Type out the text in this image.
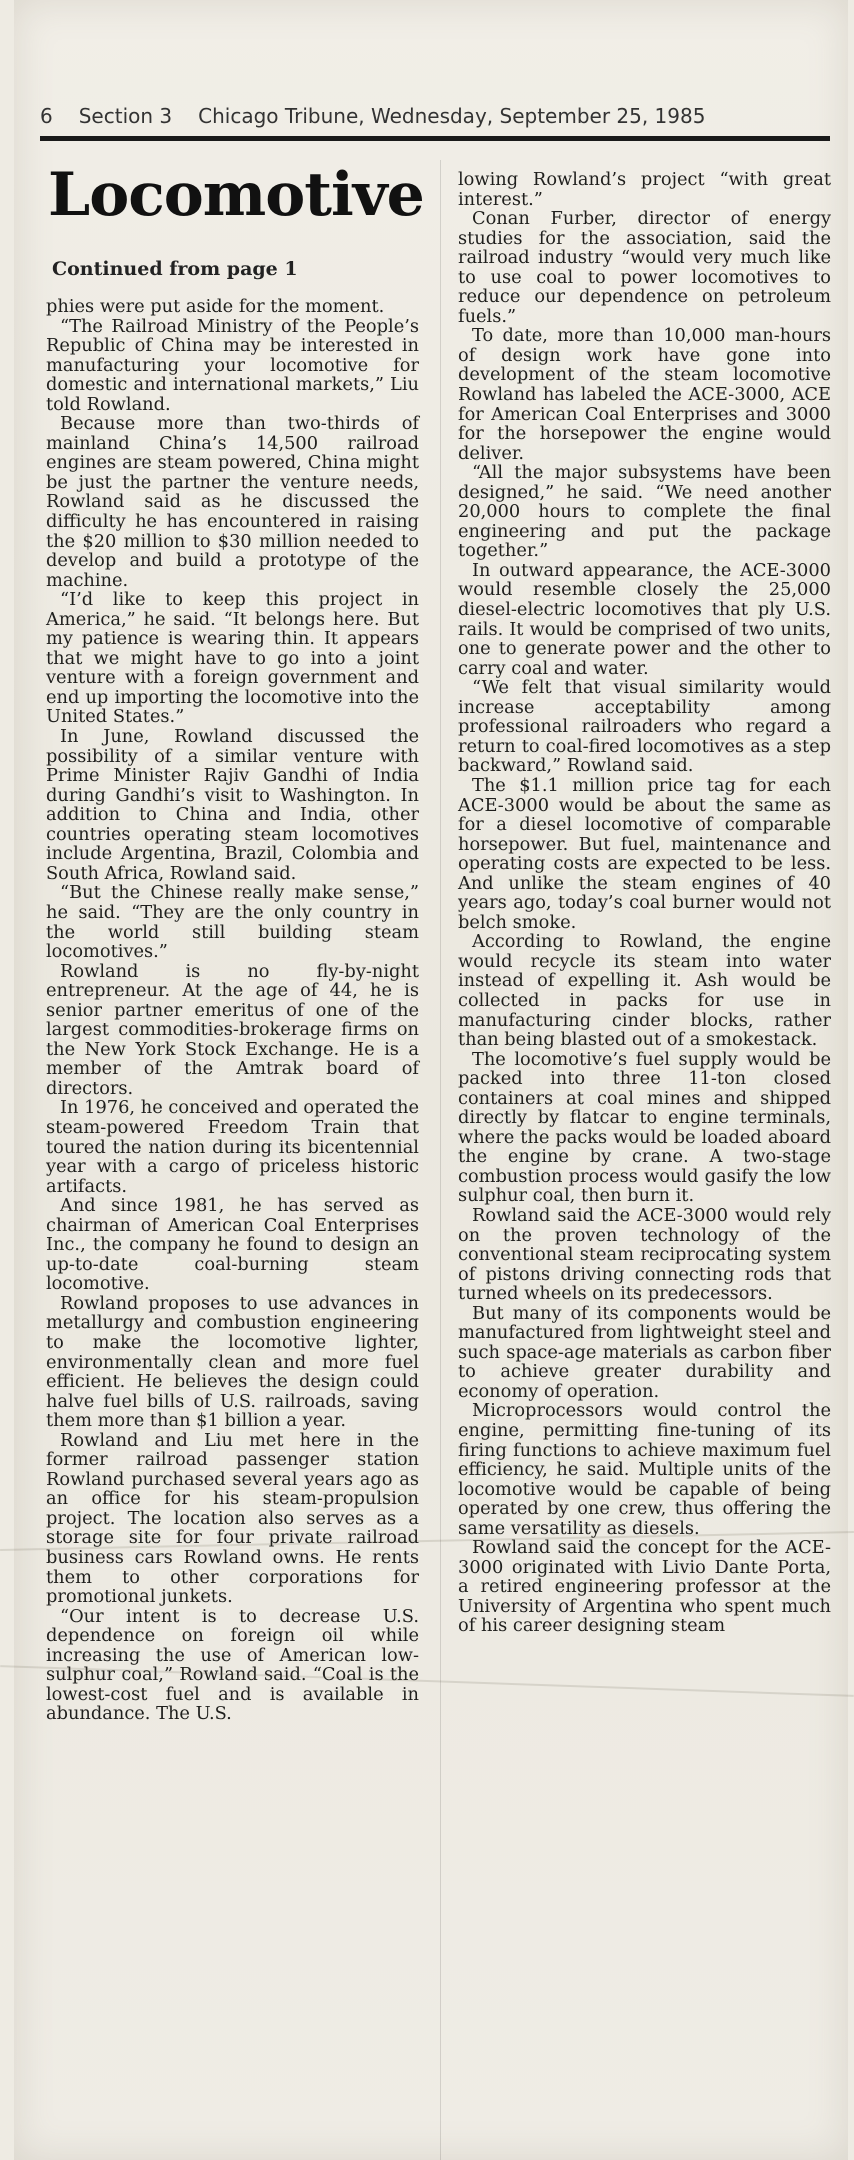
6 Section 3 Chicago Tribune, Wednesday, September 25, 1985
Locomotive
Continued from page 1

phies were put aside for the moment.

“The Railroad Ministry of the People’s Republic of China may be interested in manufacturing your locomotive for domestic and international markets,” Liu told Rowland.

Because more than two-thirds of mainland China’s 14,500 railroad engines are steam powered, China might be just the partner the venture needs, Rowland said as he discussed the difficulty he has encountered in raising the $20 million to $30 million needed to develop and build a prototype of the machine.

“I’d like to keep this project in America,” he said. “It belongs here. But my patience is wearing thin. It appears that we might have to go into a joint venture with a foreign government and end up importing the locomotive into the United States.”

In June, Rowland discussed the possibility of a similar venture with Prime Minister Rajiv Gandhi of India during Gandhi’s visit to Washington. In addition to China and India, other countries operating steam locomotives include Argentina, Brazil, Colombia and South Africa, Rowland said.

“But the Chinese really make sense,” he said. “They are the only country in the world still building steam locomotives.”

Rowland is no fly-by-night entrepreneur. At the age of 44, he is senior partner emeritus of one of the largest commodities-brokerage firms on the New York Stock Exchange. He is a member of the Amtrak board of directors.

In 1976, he conceived and operated the steam-powered Freedom Train that toured the nation during its bicentennial year with a cargo of priceless historic artifacts.

And since 1981, he has served as chairman of American Coal Enterprises Inc., the company he found to design an up-to-date coal-burning steam locomotive.

Rowland proposes to use advances in metallurgy and combustion engineering to make the locomotive lighter, environmentally clean and more fuel efficient. He believes the design could halve fuel bills of U.S. railroads, saving them more than $1 billion a year.

Rowland and Liu met here in the former railroad passenger station Rowland purchased several years ago as an office for his steam-propulsion project. The location also serves as a storage site for four private railroad business cars Rowland owns. He rents them to other corporations for promotional junkets.

“Our intent is to decrease U.S. dependence on foreign oil while increasing the use of American low-sulphur coal,” Rowland said. “Coal is the lowest-cost fuel and is available in abundance. The U.S.

lowing Rowland’s project “with great interest.”

Conan Furber, director of energy studies for the association, said the railroad industry “would very much like to use coal to power locomotives to reduce our dependence on petroleum fuels.”

To date, more than 10,000 man-hours of design work have gone into development of the steam locomotive Rowland has labeled the ACE-3000, ACE for American Coal Enterprises and 3000 for the horsepower the engine would deliver.

“All the major subsystems have been designed,” he said. “We need another 20,000 hours to complete the final engineering and put the package together.”

In outward appearance, the ACE-3000 would resemble closely the 25,000 diesel-electric locomotives that ply U.S. rails. It would be comprised of two units, one to generate power and the other to carry coal and water.

“We felt that visual similarity would increase acceptability among professional railroaders who regard a return to coal-fired locomotives as a step backward,” Rowland said.

The $1.1 million price tag for each ACE-3000 would be about the same as for a diesel locomotive of comparable horsepower. But fuel, maintenance and operating costs are expected to be less. And unlike the steam engines of 40 years ago, today’s coal burner would not belch smoke.

According to Rowland, the engine would recycle its steam into water instead of expelling it. Ash would be collected in packs for use in manufacturing cinder blocks, rather than being blasted out of a smokestack.

The locomotive’s fuel supply would be packed into three 11-ton closed containers at coal mines and shipped directly by flatcar to engine terminals, where the packs would be loaded aboard the engine by crane. A two-stage combustion process would gasify the low sulphur coal, then burn it.

Rowland said the ACE-3000 would rely on the proven technology of the conventional steam reciprocating system of pistons driving connecting rods that turned wheels on its predecessors.

But many of its components would be manufactured from lightweight steel and such space-age materials as carbon fiber to achieve greater durability and economy of operation.

Microprocessors would control the engine, permitting fine-tuning of its firing functions to achieve maximum fuel efficiency, he said. Multiple units of the locomotive would be capable of being operated by one crew, thus offering the same versatility as diesels.

Rowland said the concept for the ACE-3000 originated with Livio Dante Porta, a retired engineering professor at the University of Argentina who spent much of his career designing steam
